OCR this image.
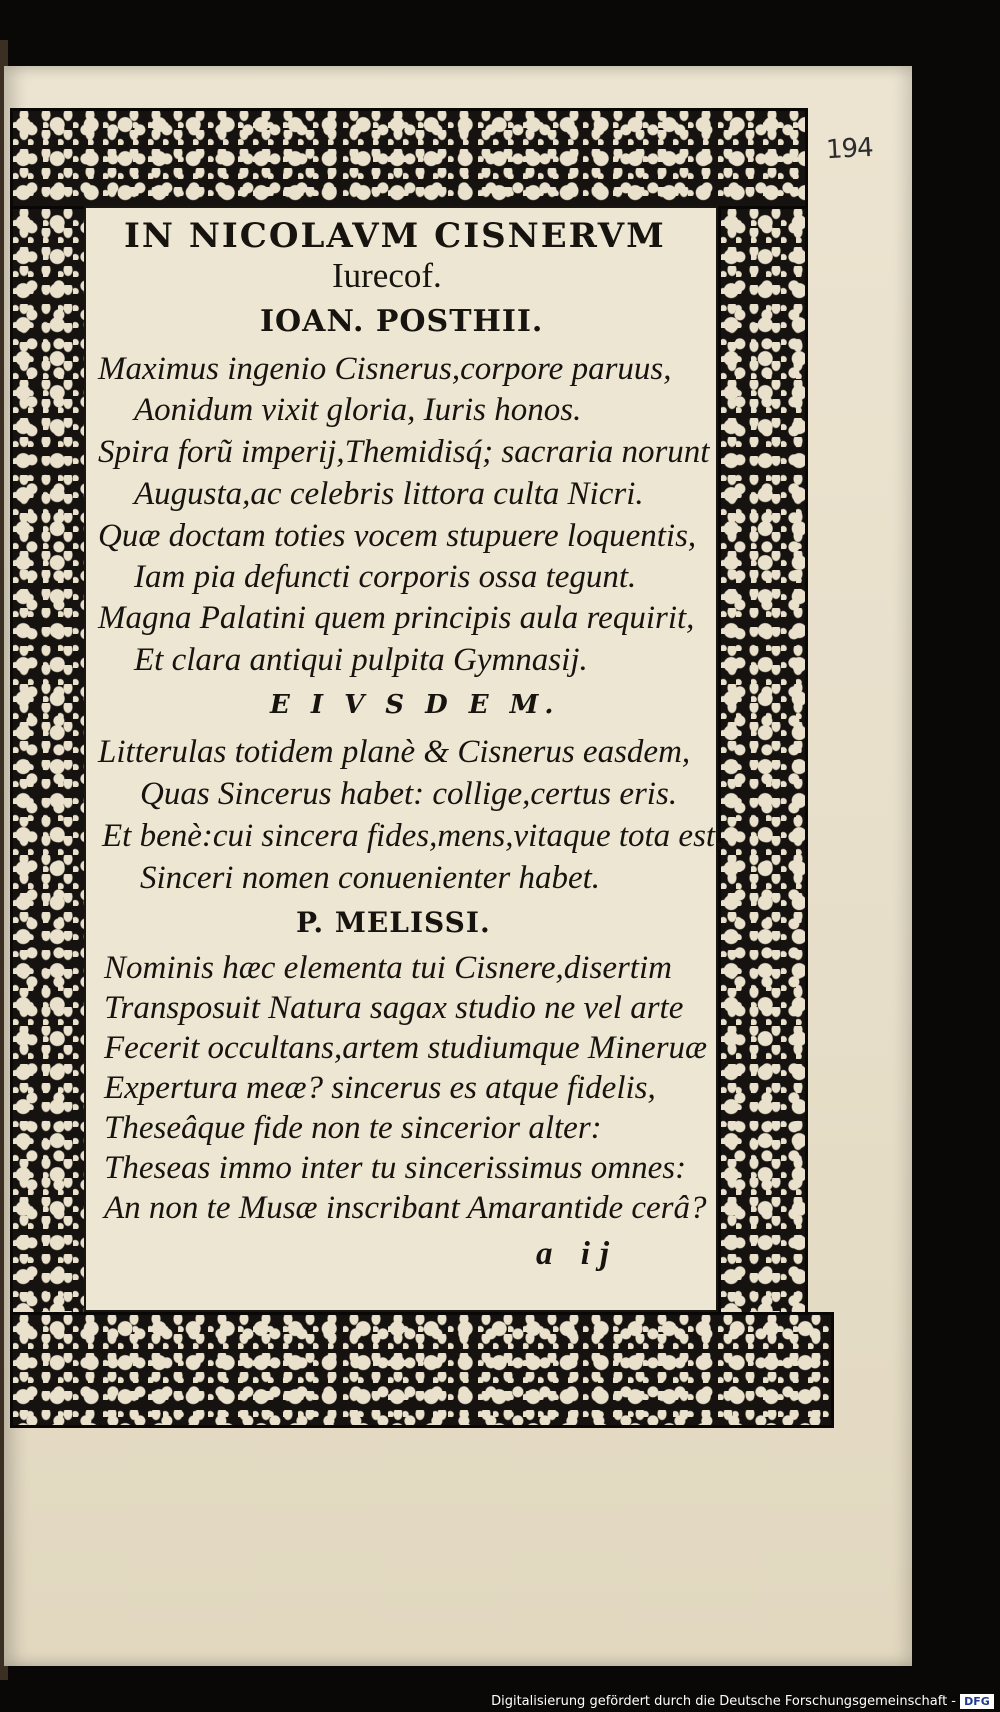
194
IN NICOLAVM CISNERVM
Iurecof.
IOAN. POSTHII.
Maximus ingenio Cisnerus,corpore paruus,
Aonidum vixit gloria, Iuris honos.
Spira forũ imperij,Themidisq́; sacraria norunt
Augusta,ac celebris littora culta Nicri.
Quæ doctam toties vocem stupuere loquentis,
Iam pia defuncti corporis ossa tegunt.
Magna Palatini quem principis aula requirit,
Et clara antiqui pulpita Gymnasij.
E I V S D E M.
Litterulas totidem planè & Cisnerus easdem,
Quas Sincerus habet: collige,certus eris.
Et benè:cui sincera fides,mens,vitaque tota est,
Sinceri nomen conuenienter habet.
P. MELISSI.
Nominis hæc elementa tui Cisnere,disertim
Transposuit Natura sagax studio ne vel arte
Fecerit occultans,artem studiumque Mineruæ
Expertura meæ? sincerus es atque fidelis,
Theseâque fide non te sincerior alter:
Theseas immo inter tu sincerissimus omnes:
An non te Musæ inscribant Amarantide cerâ?
a ij
Digitalisierung gefördert durch die Deutsche Forschungsgemeinschaft - DFG
